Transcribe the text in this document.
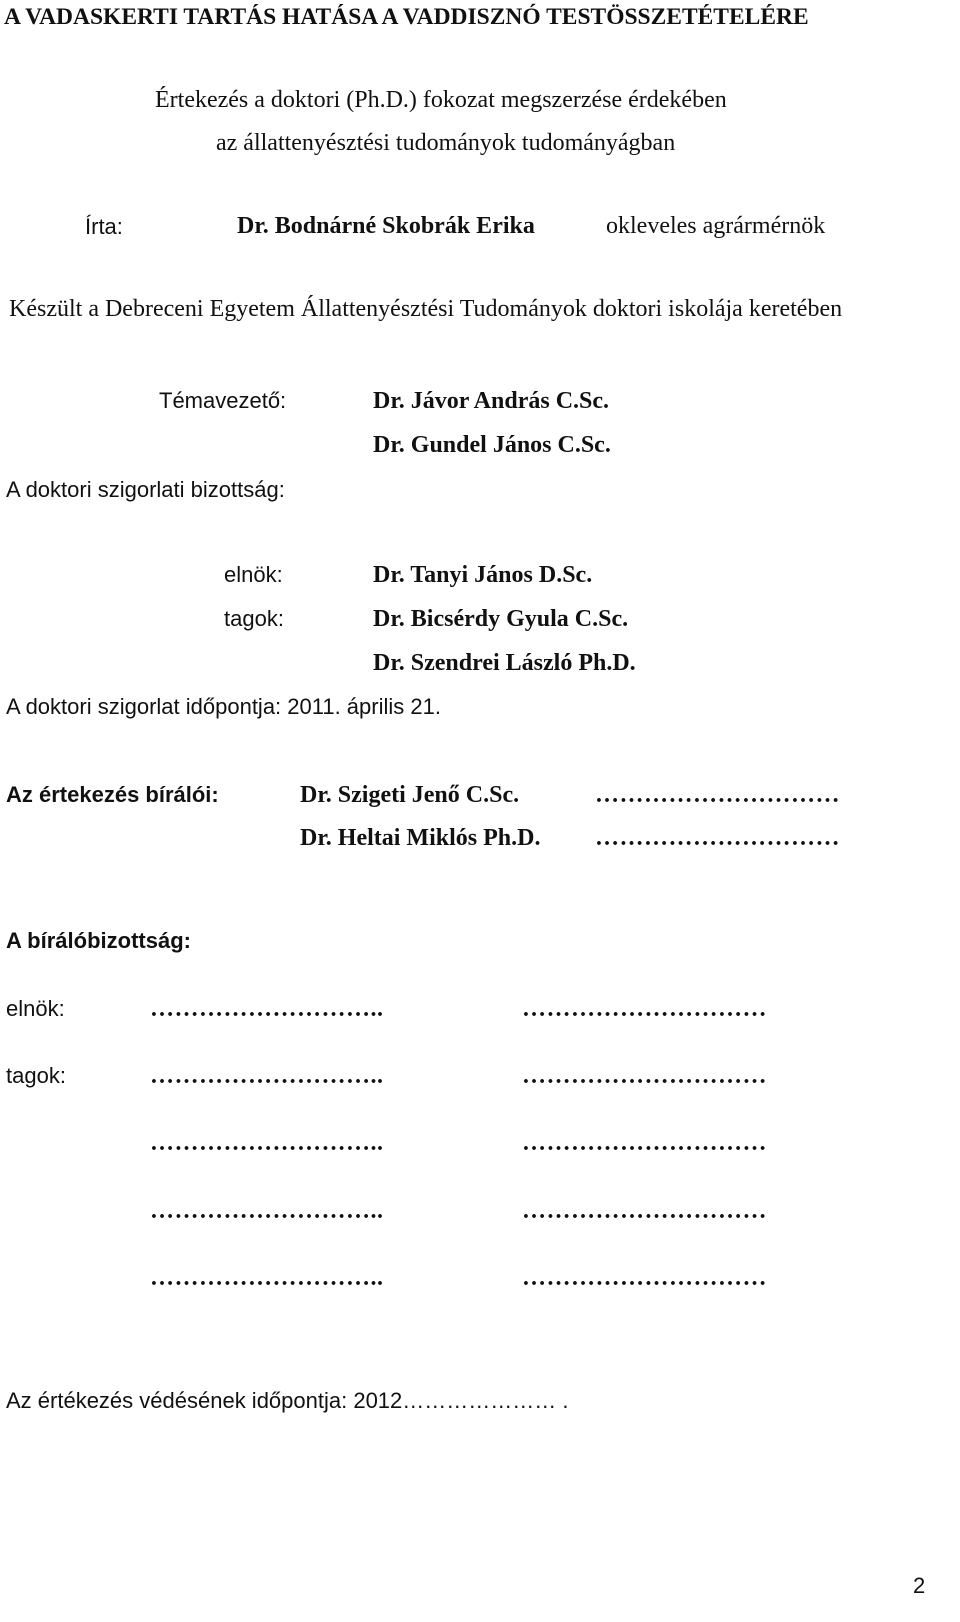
A VADASKERTI TARTÁS HATÁSA A VADDISZNÓ TESTÖSSZETÉTELÉRE
Értekezés a doktori (Ph.D.) fokozat megszerzése érdekében
az állattenyésztési tudományok tudományágban
Írta:	Dr. Bodnárné Skobrák Erika	okleveles agrármérnök
Készült a Debreceni Egyetem Állattenyésztési Tudományok doktori iskolája keretében
Témavezető:	Dr. Jávor András C.Sc.
Dr. Gundel János C.Sc.
A doktori szigorlati bizottság:
elnök:	Dr. Tanyi János D.Sc.
tagok:	Dr. Bicsérdy Gyula C.Sc.
Dr. Szendrei László Ph.D.
A doktori szigorlat időpontja: 2011. április 21.
Az értekezés bírálói:	Dr. Szigeti Jenő C.Sc.	…………………………
Dr. Heltai Miklós Ph.D. …………………………
A bírálóbizottság:
elnök:	………………………..	…………………………
tagok:	………………………..	…………………………
………………………..	…………………………
………………………..	…………………………
………………………..	…………………………
Az értékezés védésének időpontja: 2012………………… .
2
